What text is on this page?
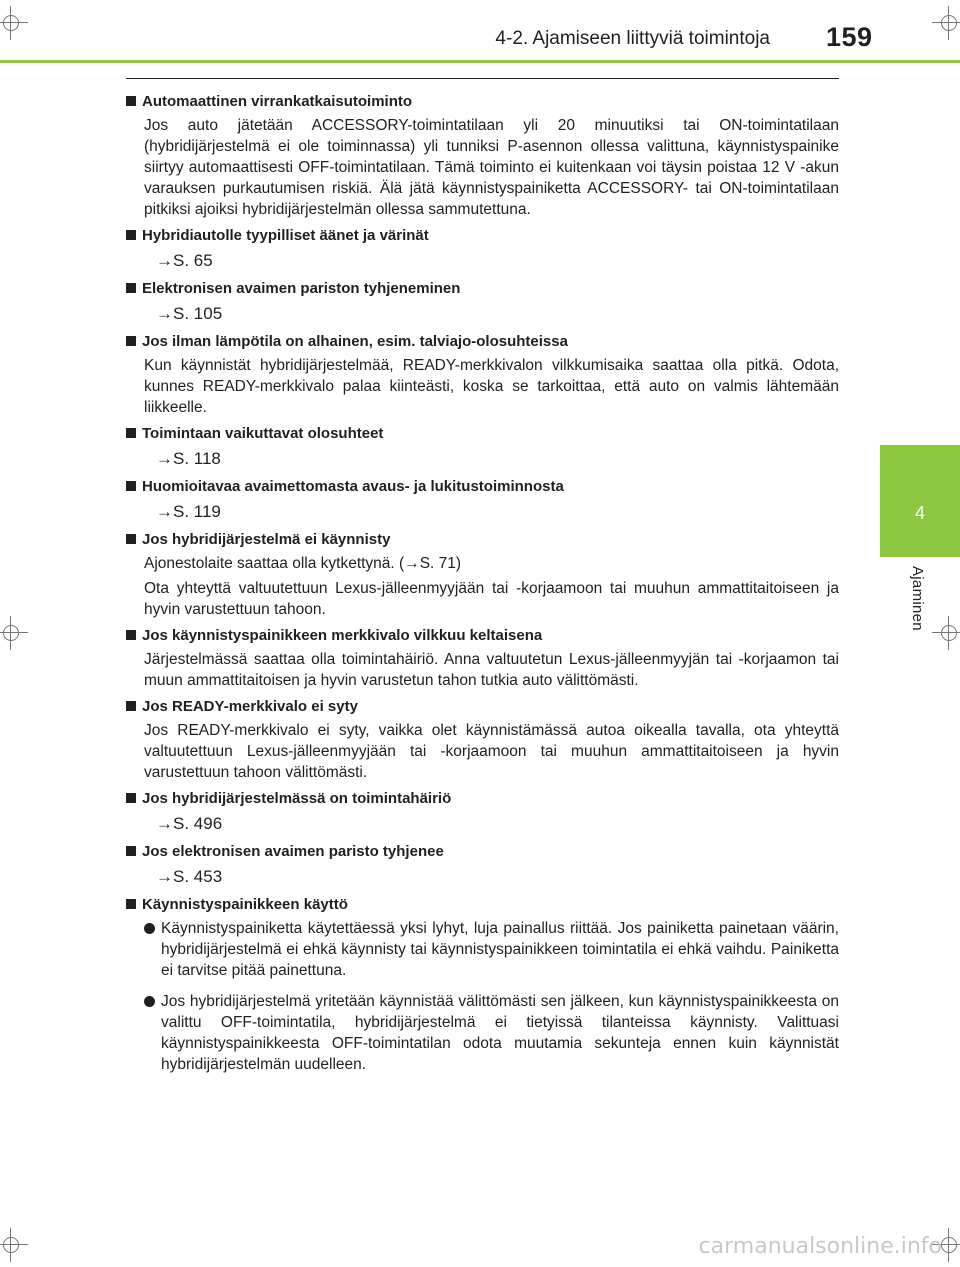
4-2. Ajamiseen liittyviä toimintoja 159
4
Ajaminen
Automaattinen virrankatkaisutoiminto
Jos auto jätetään ACCESSORY-toimintatilaan yli 20 minuutiksi tai ON-toimintatilaan (hybridijärjestelmä ei ole toiminnassa) yli tunniksi P-asennon ollessa valittuna, käynnistyspainike siirtyy automaattisesti OFF-toimintatilaan. Tämä toiminto ei kuitenkaan voi täysin poistaa 12 V -akun varauksen purkautumisen riskiä. Älä jätä käynnistyspainiketta ACCESSORY- tai ON-toimintatilaan pitkiksi ajoiksi hybridijärjestelmän ollessa sammutettuna.
Hybridiautolle tyypilliset äänet ja värinät
→S. 65
Elektronisen avaimen pariston tyhjeneminen
→S. 105
Jos ilman lämpötila on alhainen, esim. talviajo-olosuhteissa
Kun käynnistät hybridijärjestelmää, READY-merkkivalon vilkkumisaika saattaa olla pitkä. Odota, kunnes READY-merkkivalo palaa kiinteästi, koska se tarkoittaa, että auto on valmis lähtemään liikkeelle.
Toimintaan vaikuttavat olosuhteet
→S. 118
Huomioitavaa avaimettomasta avaus- ja lukitustoiminnosta
→S. 119
Jos hybridijärjestelmä ei käynnisty
Ajonestolaite saattaa olla kytkettynä. (→S. 71)
Ota yhteyttä valtuutettuun Lexus-jälleenmyyjään tai -korjaamoon tai muuhun ammattitaitoiseen ja hyvin varustettuun tahoon.
Jos käynnistyspainikkeen merkkivalo vilkkuu keltaisena
Järjestelmässä saattaa olla toimintahäiriö. Anna valtuutetun Lexus-jälleenmyyjän tai -korjaamon tai muun ammattitaitoisen ja hyvin varustetun tahon tutkia auto välittömästi.
Jos READY-merkkivalo ei syty
Jos READY-merkkivalo ei syty, vaikka olet käynnistämässä autoa oikealla tavalla, ota yhteyttä valtuutettuun Lexus-jälleenmyyjään tai -korjaamoon tai muuhun ammattitaitoiseen ja hyvin varustettuun tahoon välittömästi.
Jos hybridijärjestelmässä on toimintahäiriö
→S. 496
Jos elektronisen avaimen paristo tyhjenee
→S. 453
Käynnistyspainikkeen käyttö
Käynnistyspainiketta käytettäessä yksi lyhyt, luja painallus riittää. Jos painiketta painetaan väärin, hybridijärjestelmä ei ehkä käynnisty tai käynnistyspainikkeen toimintatila ei ehkä vaihdu. Painiketta ei tarvitse pitää painettuna.
Jos hybridijärjestelmä yritetään käynnistää välittömästi sen jälkeen, kun käynnistyspainikkeesta on valittu OFF-toimintatila, hybridijärjestelmä ei tietyissä tilanteissa käynnisty. Valittuasi käynnistyspainikkeesta OFF-toimintatilan odota muutamia sekunteja ennen kuin käynnistät hybridijärjestelmän uudelleen.
carmanualsonline.info
